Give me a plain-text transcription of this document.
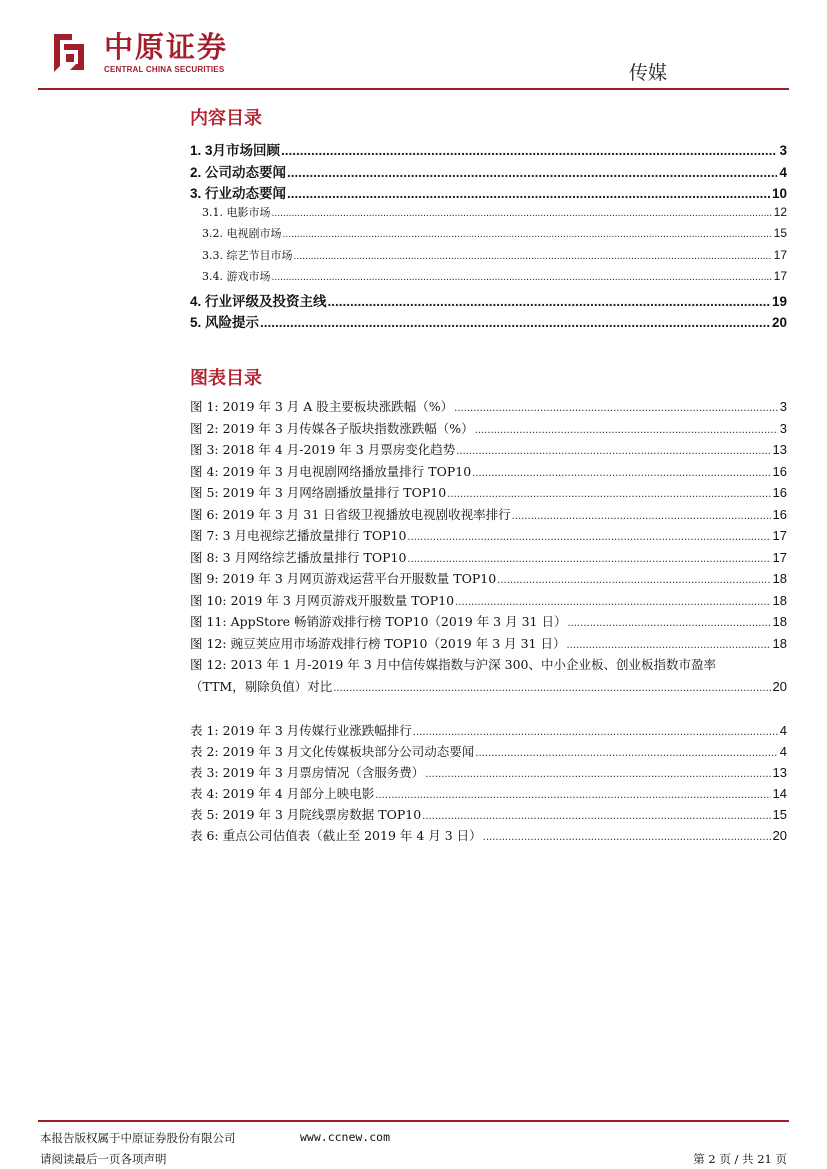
中原证券
CENTRAL CHINA SECURITIES	传媒
内容目录
1. 3月市场回顾 .....	3
2. 公司动态要闻 .....	4
3. 行业动态要闻 .....	10
3.1. 电影市场 .....	12
3.2. 电视剧市场 .....	15
3.3. 综艺节目市场 .....	17
3.4. 游戏市场 .....	17
4. 行业评级及投资主线 .....	19
5. 风险提示 .....	20
图表目录
图 1: 2019 年 3 月 A 股主要板块涨跌幅（%） .....	3
图 2: 2019 年 3 月传媒各子版块指数涨跌幅（%） .....	3
图 3: 2018 年 4 月-2019 年 3 月票房变化趋势 .....	13
图 4: 2019 年 3 月电视剧网络播放量排行 TOP10 .....	16
图 5: 2019 年 3 月网络剧播放量排行 TOP10 .....	16
图 6: 2019 年 3 月 31 日省级卫视播放电视剧收视率排行 .....	16
图 7: 3 月电视综艺播放量排行 TOP10 .....	17
图 8: 3 月网络综艺播放量排行 TOP10 .....	17
图 9: 2019 年 3 月网页游戏运营平台开服数量 TOP10 .....	18
图 10: 2019 年 3 月网页游戏开服数量 TOP10 .....	18
图 11: AppStore 畅销游戏排行榜 TOP10（2019 年 3 月 31 日） .....	18
图 12: 豌豆荚应用市场游戏排行榜 TOP10（2019 年 3 月 31 日） .....	18
图 12: 2013 年 1 月-2019 年 3 月中信传媒指数与沪深 300、中小企业板、创业板指数市盈率
（TTM，剔除负值）对比 .....	20
表 1: 2019 年 3 月传媒行业涨跌幅排行 .....	4
表 2: 2019 年 3 月文化传媒板块部分公司动态要闻 .....	4
表 3: 2019 年 3 月票房情况（含服务费） .....	13
表 4: 2019 年 4 月部分上映电影 .....	14
表 5: 2019 年 3 月院线票房数据 TOP10 .....	15
表 6: 重点公司估值表（截止至 2019 年 4 月 3 日） .....	20
本报告版权属于中原证券股份有限公司	www.ccnew.com
请阅读最后一页各项声明	第 2 页 / 共 21 页
